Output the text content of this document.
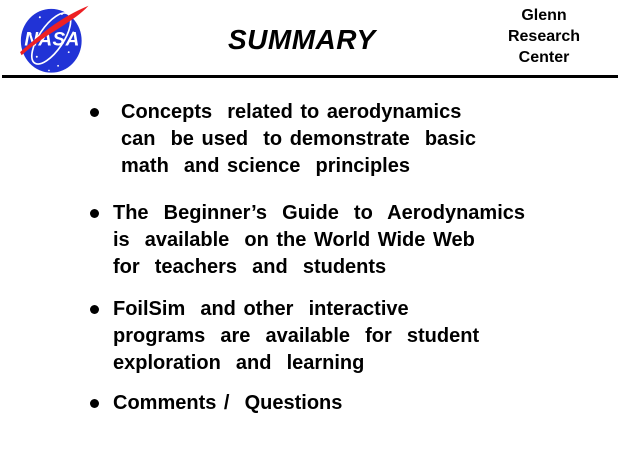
NASA	SUMMARY
Glenn
Research
Center
Concepts  related to aerodynamics
can  be used  to demonstrate  basic
math  and science  principles
The  Beginner’s  Guide  to  Aerodynamics
is  available  on the World Wide Web
for  teachers  and  students
FoilSim  and other  interactive
programs  are  available  for  student
exploration  and  learning
Comments /  Questions
